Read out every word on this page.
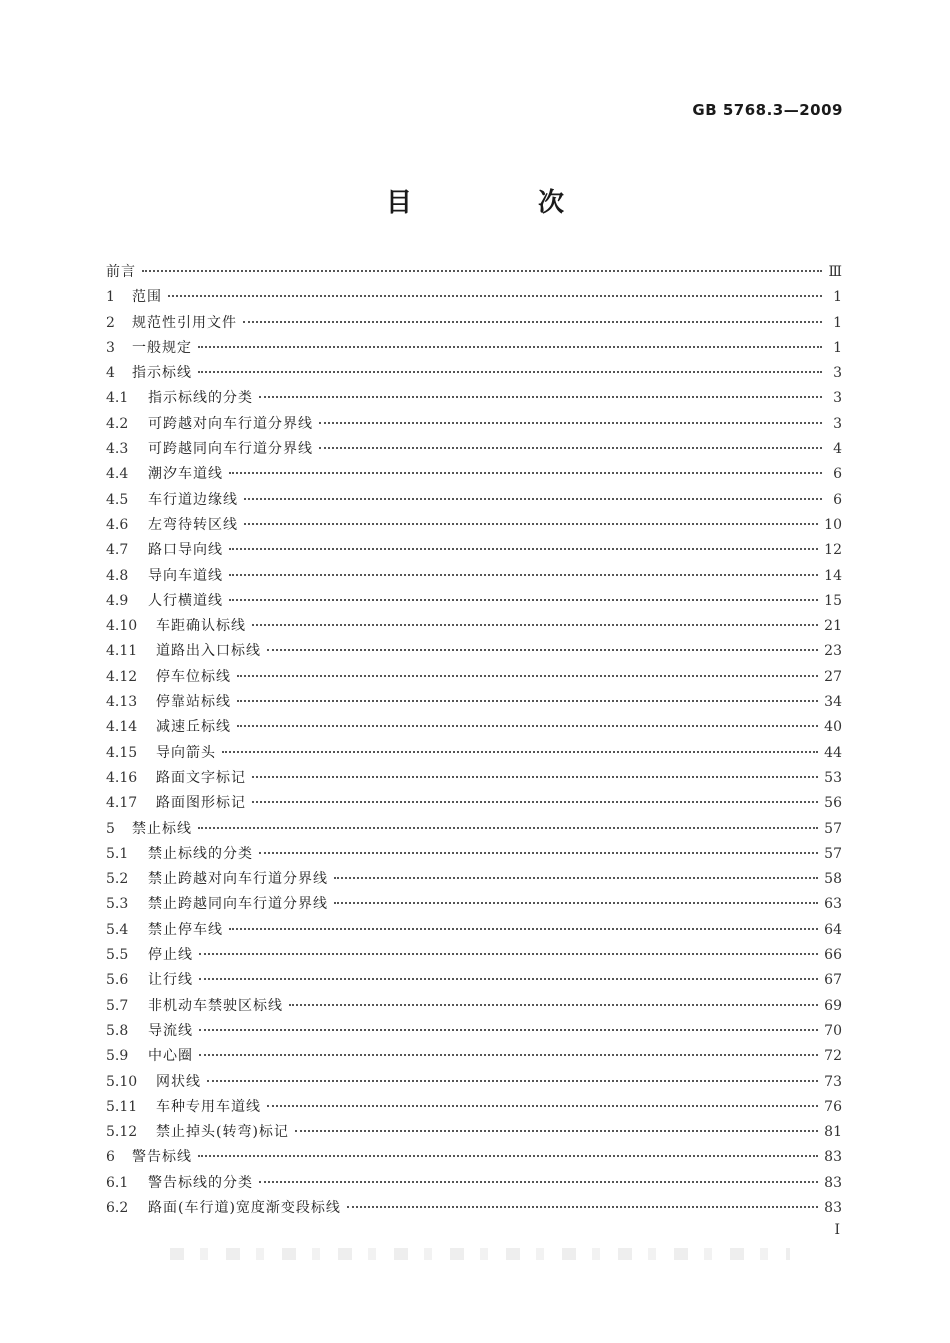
GB 5768.3—2009
目　次
前言	Ⅲ
1	范围	1
2	规范性引用文件	1
3	一般规定	1
4	指示标线	3
4.1	指示标线的分类	3
4.2	可跨越对向车行道分界线	3
4.3	可跨越同向车行道分界线	4
4.4	潮汐车道线	6
4.5	车行道边缘线	6
4.6	左弯待转区线	10
4.7	路口导向线	12
4.8	导向车道线	14
4.9	人行横道线	15
4.10	车距确认标线	21
4.11	道路出入口标线	23
4.12	停车位标线	27
4.13	停靠站标线	34
4.14	减速丘标线	40
4.15	导向箭头	44
4.16	路面文字标记	53
4.17	路面图形标记	56
5	禁止标线	57
5.1	禁止标线的分类	57
5.2	禁止跨越对向车行道分界线	58
5.3	禁止跨越同向车行道分界线	63
5.4	禁止停车线	64
5.5	停止线	66
5.6	让行线	67
5.7	非机动车禁驶区标线	69
5.8	导流线	70
5.9	中心圈	72
5.10	网状线	73
5.11	车种专用车道线	76
5.12	禁止掉头(转弯)标记	81
6	警告标线	83
6.1	警告标线的分类	83
6.2	路面(车行道)宽度渐变段标线	83
I
